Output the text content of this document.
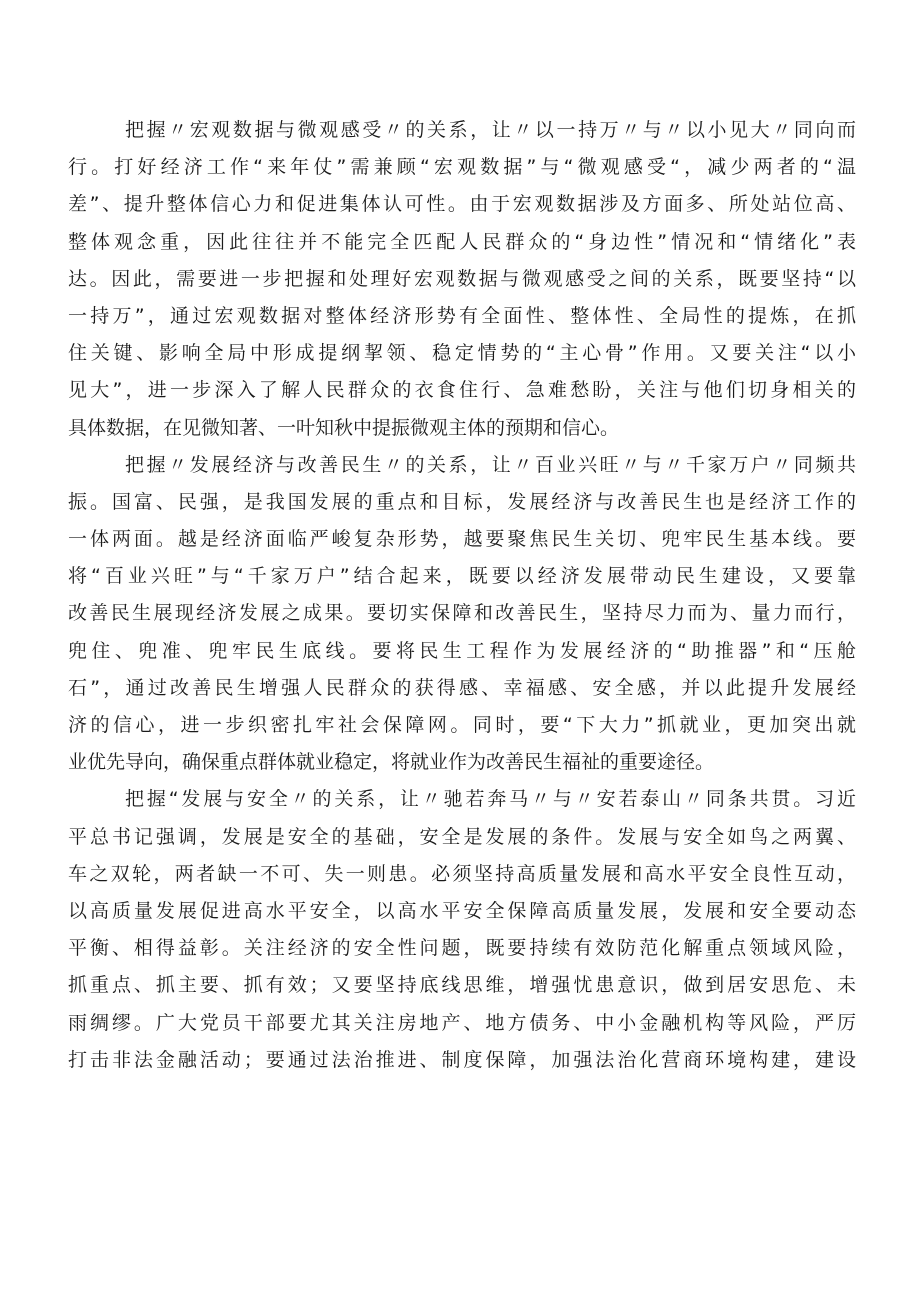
把握〃宏观数据与微观感受〃的关系，让〃以一持万〃与〃以小见大〃同向而
行。打好经济工作“来年仗”需兼顾“宏观数据”与“微观感受“，减少两者的“温
差”、提升整体信心力和促进集体认可性。由于宏观数据涉及方面多、所处站位高、
整体观念重，因此往往并不能完全匹配人民群众的“身边性”情况和“情绪化”表
达。因此，需要进一步把握和处理好宏观数据与微观感受之间的关系，既要坚持“以
一持万”，通过宏观数据对整体经济形势有全面性、整体性、全局性的提炼，在抓
住关键、影响全局中形成提纲挈领、稳定情势的“主心骨”作用。又要关注“以小
见大”，进一步深入了解人民群众的衣食住行、急难愁盼，关注与他们切身相关的
具体数据，在见微知著、一叶知秋中提振微观主体的预期和信心。
把握〃发展经济与改善民生〃的关系，让〃百业兴旺〃与〃千家万户〃同频共
振。国富、民强，是我国发展的重点和目标，发展经济与改善民生也是经济工作的
一体两面。越是经济面临严峻复杂形势，越要聚焦民生关切、兜牢民生基本线。要
将“百业兴旺”与“千家万户”结合起来，既要以经济发展带动民生建设，又要靠
改善民生展现经济发展之成果。要切实保障和改善民生，坚持尽力而为、量力而行，
兜住、兜准、兜牢民生底线。要将民生工程作为发展经济的“助推器”和“压舱
石”，通过改善民生增强人民群众的获得感、幸福感、安全感，并以此提升发展经
济的信心，进一步织密扎牢社会保障网。同时，要“下大力”抓就业，更加突出就
业优先导向，确保重点群体就业稳定，将就业作为改善民生福祉的重要途径。
把握“发展与安全〃的关系，让〃驰若奔马〃与〃安若泰山〃同条共贯。习近
平总书记强调，发展是安全的基础，安全是发展的条件。发展与安全如鸟之两翼、
车之双轮，两者缺一不可、失一则患。必须坚持高质量发展和高水平安全良性互动，
以高质量发展促进高水平安全，以高水平安全保障高质量发展，发展和安全要动态
平衡、相得益彰。关注经济的安全性问题，既要持续有效防范化解重点领域风险，
抓重点、抓主要、抓有效；又要坚持底线思维，增强忧患意识，做到居安思危、未
雨绸缪。广大党员干部要尤其关注房地产、地方债务、中小金融机构等风险，严厉
打击非法金融活动；要通过法治推进、制度保障，加强法治化营商环境构建，建设
